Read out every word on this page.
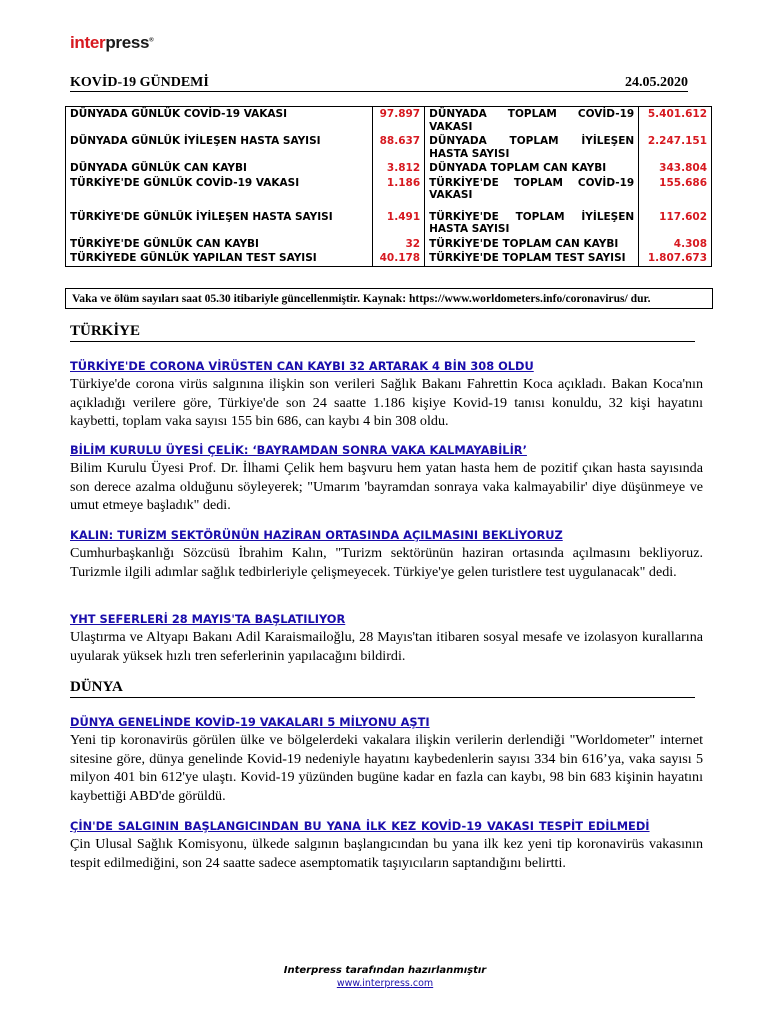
interpress®
KOVİD-19 GÜNDEMİ	24.05.2020
DÜNYADA GÜNLÜK COVİD-19 VAKASI	97.897	DÜNYADA TOPLAM COVİD-19 VAKASI	5.401.612
DÜNYADA GÜNLÜK İYİLEŞEN HASTA SAYISI	88.637	DÜNYADA TOPLAM İYİLEŞEN HASTA SAYISI	2.247.151
DÜNYADA GÜNLÜK CAN KAYBI	3.812	DÜNYADA TOPLAM CAN KAYBI	343.804
TÜRKİYE'DE GÜNLÜK COVİD-19 VAKASI	1.186	TÜRKİYE'DE TOPLAM COVİD-19 VAKASI	155.686
TÜRKİYE'DE GÜNLÜK İYİLEŞEN HASTA SAYISI	1.491	TÜRKİYE'DE TOPLAM İYİLEŞEN HASTA SAYISI	117.602
TÜRKİYE'DE GÜNLÜK CAN KAYBI	32	TÜRKİYE'DE TOPLAM CAN KAYBI	4.308
TÜRKİYEDE GÜNLÜK YAPILAN TEST SAYISI	40.178	TÜRKİYE'DE TOPLAM TEST SAYISI	1.807.673
Vaka ve ölüm sayıları saat 05.30 itibariyle güncellenmiştir. Kaynak: https://www.worldometers.info/coronavirus/ dur.
TÜRKİYE
TÜRKİYE'DE CORONA VİRÜSTEN CAN KAYBI 32 ARTARAK 4 BİN 308 OLDU
Türkiye'de corona virüs salgınına ilişkin son verileri Sağlık Bakanı Fahrettin Koca açıkladı. Bakan Koca'nın açıkladığı verilere göre, Türkiye'de son 24 saatte 1.186 kişiye Kovid-19 tanısı konuldu, 32 kişi hayatını kaybetti, toplam vaka sayısı 155 bin 686, can kaybı 4 bin 308 oldu.
BİLİM KURULU ÜYESİ ÇELİK: ‘BAYRAMDAN SONRA VAKA KALMAYABİLİR’
Bilim Kurulu Üyesi Prof. Dr. İlhami Çelik hem başvuru hem yatan hasta hem de pozitif çıkan hasta sayısında son derece azalma olduğunu söyleyerek; "Umarım 'bayramdan sonraya vaka kalmayabilir' diye düşünmeye ve umut etmeye başladık" dedi.
KALIN: TURİZM SEKTÖRÜNÜN HAZİRAN ORTASINDA AÇILMASINI BEKLİYORUZ
Cumhurbaşkanlığı Sözcüsü İbrahim Kalın, "Turizm sektörünün haziran ortasında açılmasını bekliyoruz. Turizmle ilgili adımlar sağlık tedbirleriyle çelişmeyecek. Türkiye'ye gelen turistlere test uygulanacak" dedi.
YHT SEFERLERİ 28 MAYIS'TA BAŞLATILIYOR
Ulaştırma ve Altyapı Bakanı Adil Karaismailoğlu, 28 Mayıs'tan itibaren sosyal mesafe ve izolasyon kurallarına uyularak yüksek hızlı tren seferlerinin yapılacağını bildirdi.
DÜNYA
DÜNYA GENELİNDE KOVİD-19 VAKALARI 5 MİLYONU AŞTI
Yeni tip koronavirüs görülen ülke ve bölgelerdeki vakalara ilişkin verilerin derlendiği "Worldometer" internet sitesine göre, dünya genelinde Kovid-19 nedeniyle hayatını kaybedenlerin sayısı 334 bin 616’ya, vaka sayısı 5 milyon 401 bin 612'ye ulaştı. Kovid-19 yüzünden bugüne kadar en fazla can kaybı, 98 bin 683 kişinin hayatını kaybettiği ABD'de görüldü.
ÇİN'DE SALGININ BAŞLANGICINDAN BU YANA İLK KEZ KOVİD-19 VAKASI TESPİT EDİLMEDİ
Çin Ulusal Sağlık Komisyonu, ülkede salgının başlangıcından bu yana ilk kez yeni tip koronavirüs vakasının tespit edilmediğini, son 24 saatte sadece asemptomatik taşıyıcıların saptandığını belirtti.
Interpress tarafından hazırlanmıştır
www.interpress.com
